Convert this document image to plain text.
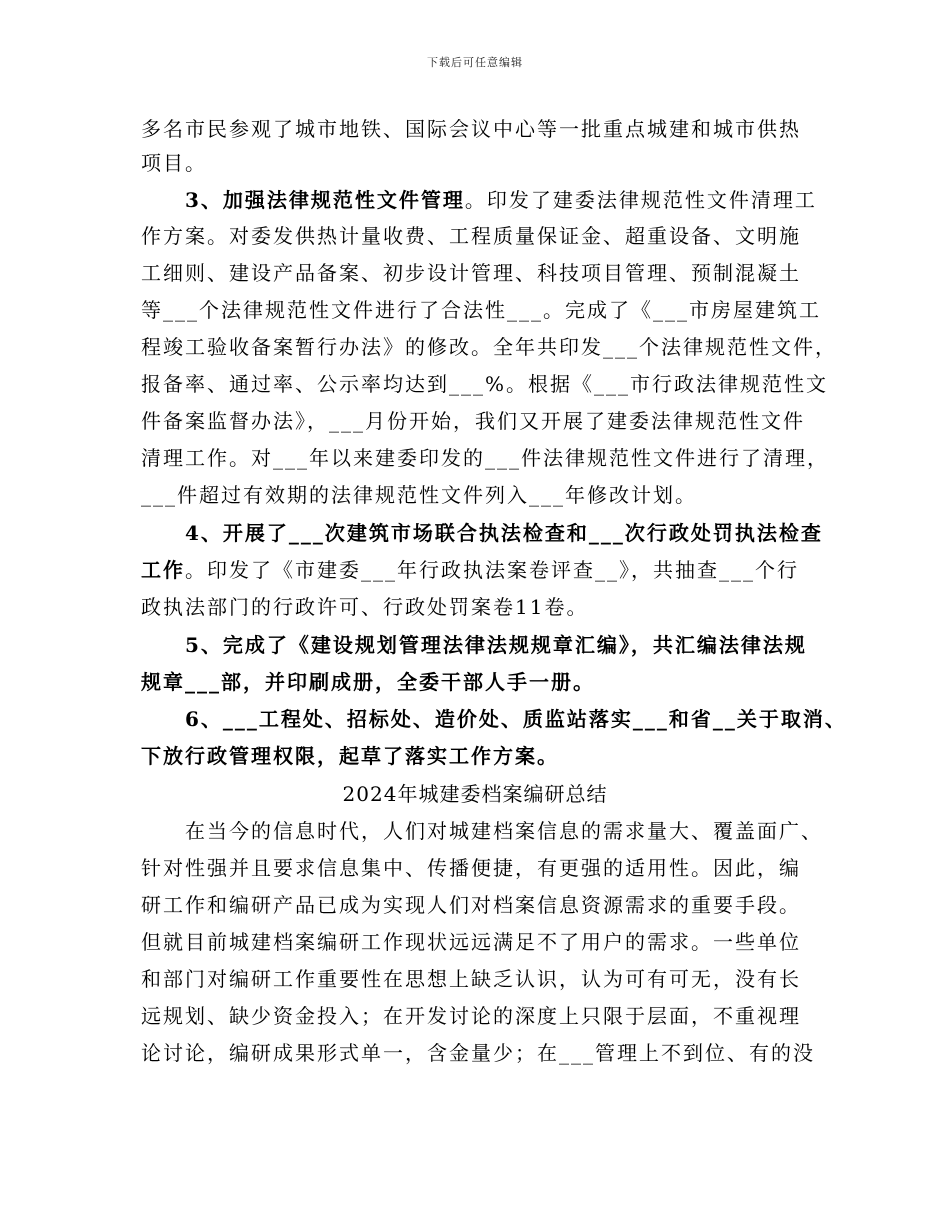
下载后可任意编辑
多名市民参观了城市地铁、国际会议中心等一批重点城建和城市供热
项目。
3、加强法律规范性文件管理。印发了建委法律规范性文件清理工
作方案。对委发供热计量收费、工程质量保证金、超重设备、文明施
工细则、建设产品备案、初步设计管理、科技项目管理、预制混凝土
等___个法律规范性文件进行了合法性___。完成了《___市房屋建筑工
程竣工验收备案暂行办法》的修改。全年共印发___个法律规范性文件，
报备率、通过率、公示率均达到___%。根据《___市行政法律规范性文
件备案监督办法》，___月份开始，我们又开展了建委法律规范性文件
清理工作。对___年以来建委印发的___件法律规范性文件进行了清理，
___件超过有效期的法律规范性文件列入___年修改计划。
4、开展了___次建筑市场联合执法检查和___次行政处罚执法检查
工作。印发了《市建委___年行政执法案卷评查__》，共抽查___个行
政执法部门的行政许可、行政处罚案卷11卷。
5、完成了《建设规划管理法律法规规章汇编》，共汇编法律法规
规章___部，并印刷成册，全委干部人手一册。
6、___工程处、招标处、造价处、质监站落实___和省__关于取消、
下放行政管理权限，起草了落实工作方案。
2024年城建委档案编研总结
在当今的信息时代，人们对城建档案信息的需求量大、覆盖面广、
针对性强并且要求信息集中、传播便捷，有更强的适用性。因此，编
研工作和编研产品已成为实现人们对档案信息资源需求的重要手段。
但就目前城建档案编研工作现状远远满足不了用户的需求。一些单位
和部门对编研工作重要性在思想上缺乏认识，认为可有可无，没有长
远规划、缺少资金投入；在开发讨论的深度上只限于层面，不重视理
论讨论，编研成果形式单一，含金量少；在___管理上不到位、有的没
